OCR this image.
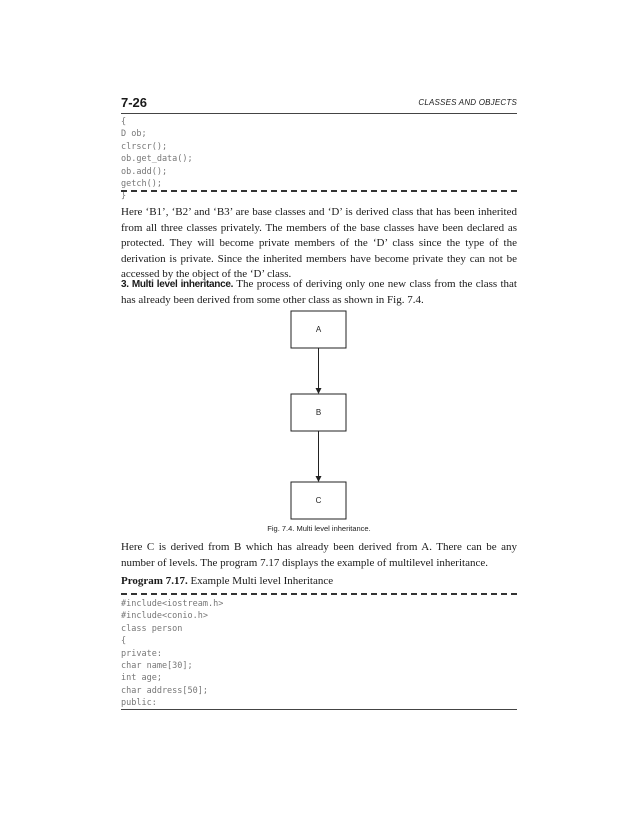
7-26	CLASSES AND OBJECTS
{
D ob;
clrscr();
ob.get_data();
ob.add();
getch();
}
Here ‘B1’, ‘B2’ and ‘B3’ are base classes and ‘D’ is derived class that has been inherited from all three classes privately. The members of the base classes have been declared as protected. They will become private members of the ‘D’ class since the type of the derivation is private. Since the inherited members have become private they can not be accessed by the object of the ‘D’ class.
3. Multi level inheritance. The process of deriving only one new class from the class that has already been derived from some other class as shown in Fig. 7.4.
A
B
C
Fig. 7.4. Multi level inheritance.
Here C is derived from B which has already been derived from A. There can be any number of levels. The program 7.17 displays the example of multilevel inheritance.
Program 7.17. Example Multi level Inheritance
#include<iostream.h>
#include<conio.h>
class person
{
private:
char name[30];
int age;
char address[50];
public:
